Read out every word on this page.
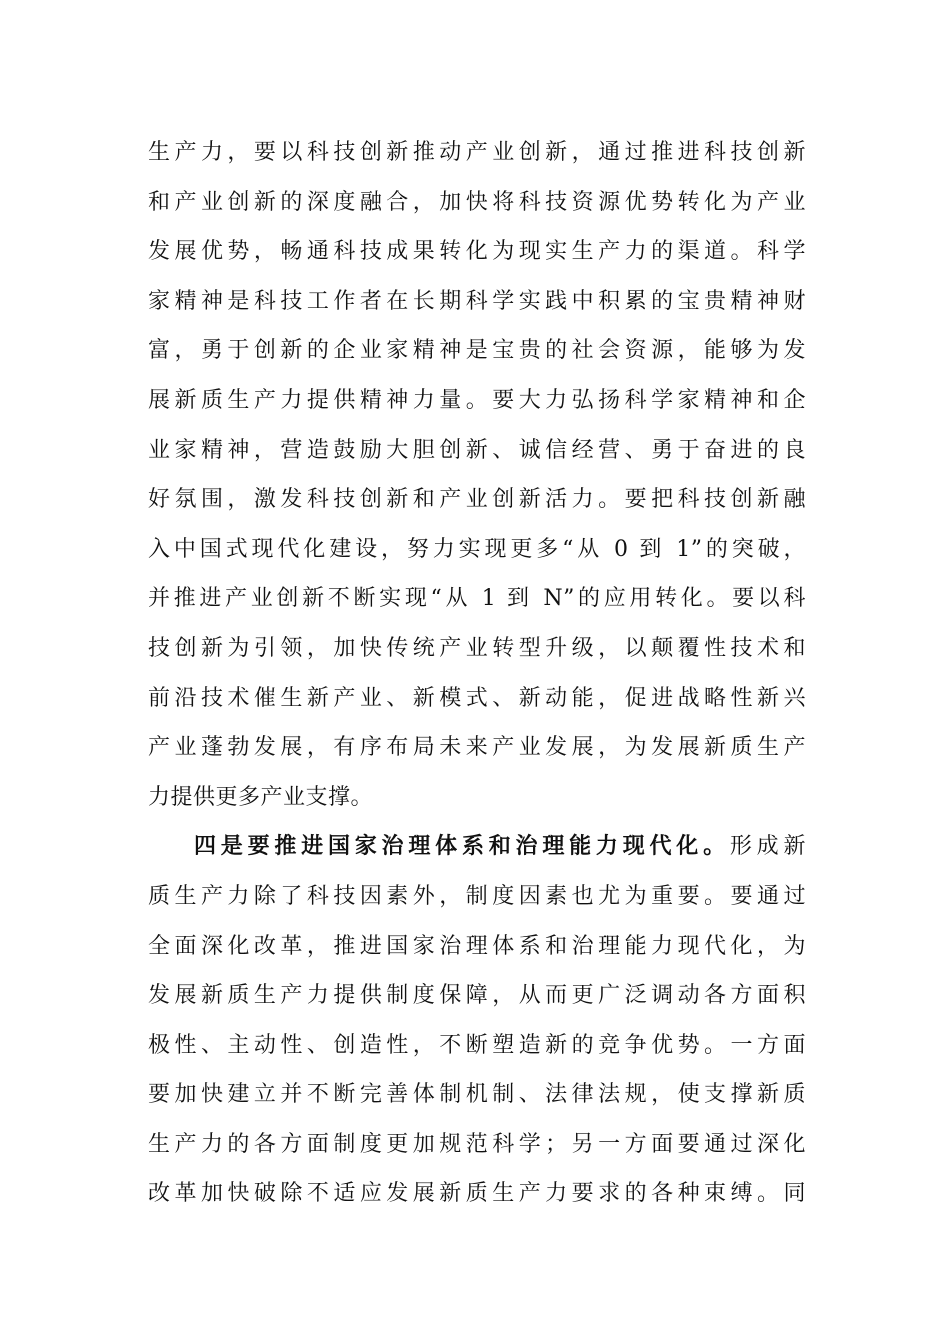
生产力，要以科技创新推动产业创新，通过推进科技创新
和产业创新的深度融合，加快将科技资源优势转化为产业
发展优势，畅通科技成果转化为现实生产力的渠道。科学
家精神是科技工作者在长期科学实践中积累的宝贵精神财
富，勇于创新的企业家精神是宝贵的社会资源，能够为发
展新质生产力提供精神力量。要大力弘扬科学家精神和企
业家精神，营造鼓励大胆创新、诚信经营、勇于奋进的良
好氛围，激发科技创新和产业创新活力。要把科技创新融
入中国式现代化建设，努力实现更多“从 0 到 1”的突破，
并推进产业创新不断实现“从 1 到 N”的应用转化。要以科
技创新为引领，加快传统产业转型升级，以颠覆性技术和
前沿技术催生新产业、新模式、新动能，促进战略性新兴
产业蓬勃发展，有序布局未来产业发展，为发展新质生产
力提供更多产业支撑。
四是要推进国家治理体系和治理能力现代化。形成新
质生产力除了科技因素外，制度因素也尤为重要。要通过
全面深化改革，推进国家治理体系和治理能力现代化，为
发展新质生产力提供制度保障，从而更广泛调动各方面积
极性、主动性、创造性，不断塑造新的竞争优势。一方面
要加快建立并不断完善体制机制、法律法规，使支撑新质
生产力的各方面制度更加规范科学；另一方面要通过深化
改革加快破除不适应发展新质生产力要求的各种束缚。同
